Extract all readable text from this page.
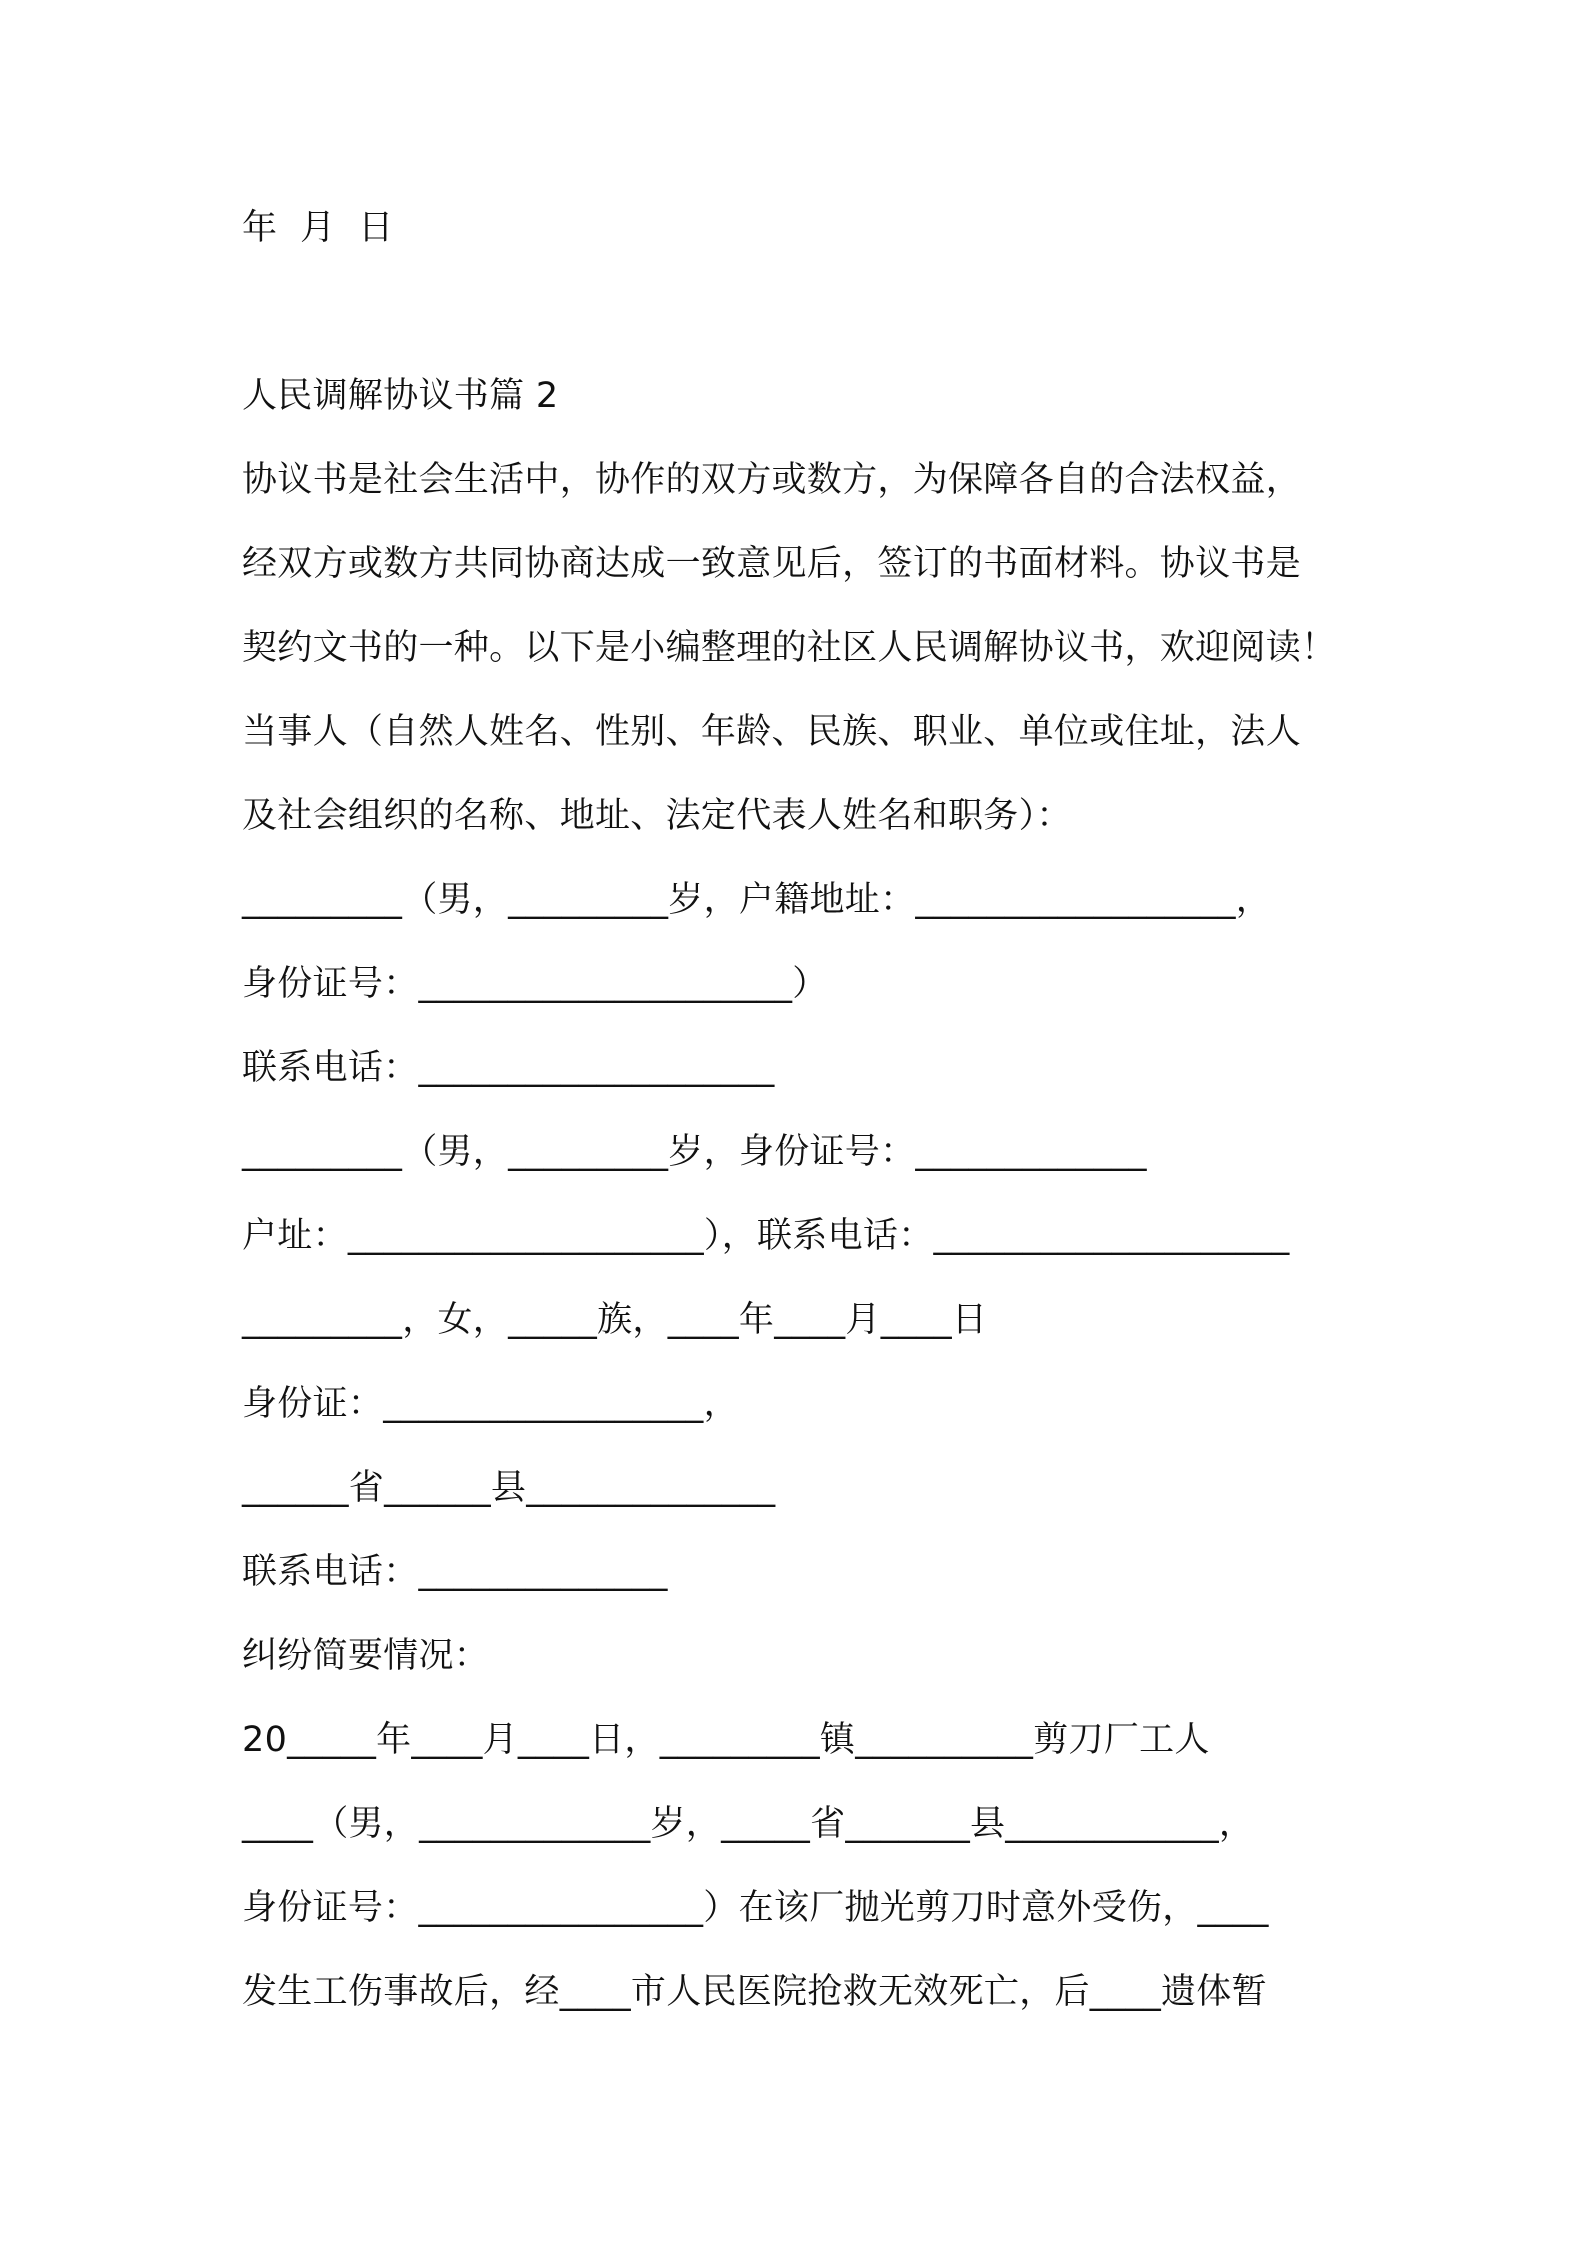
年  月  日

人民调解协议书篇 2

协议书是社会生活中，协作的双方或数方，为保障各自的合法权益，

经双方或数方共同协商达成一致意见后，签订的书面材料。协议书是

契约文书的一种。以下是小编整理的社区人民调解协议书，欢迎阅读！

当事人（自然人姓名、性别、年龄、民族、职业、单位或住址，法人

及社会组织的名称、地址、法定代表人姓名和职务）：

_________（男，_________岁，户籍地址：__________________，

身份证号：_____________________）

联系电话：____________________

_________（男，_________岁，身份证号：_____________

户址：____________________），联系电话：____________________

_________，女，_____族，____年____月____日

身份证：__________________，

______省______县______________

联系电话：______________

纠纷简要情况：

20_____年____月____日，_________镇__________剪刀厂工人

____（男，_____________岁，_____省_______县____________，

身份证号：________________）在该厂抛光剪刀时意外受伤，____

发生工伤事故后，经____市人民医院抢救无效死亡，后____遗体暂
